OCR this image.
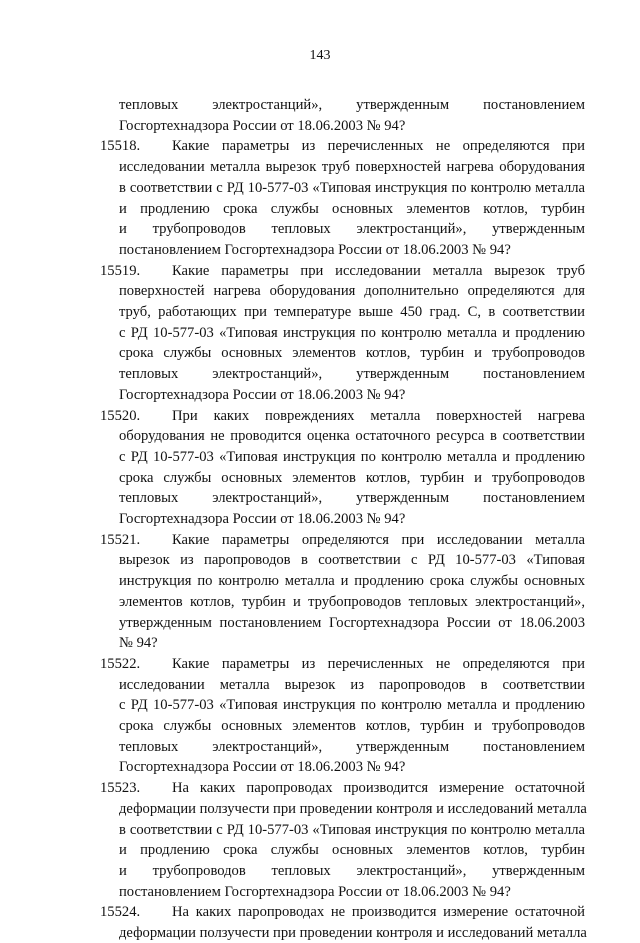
143
тепловых электростанций», утвержденным постановлением
Госгортехнадзора России от 18.06.2003 № 94?
15518. Какие параметры из перечисленных не определяются при
исследовании металла вырезок труб поверхностей нагрева оборудования
в соответствии с РД 10-577-03 «Типовая инструкция по контролю металла
и продлению срока службы основных элементов котлов, турбин
и трубопроводов тепловых электростанций», утвержденным
постановлением Госгортехнадзора России от 18.06.2003 № 94?
15519. Какие параметры при исследовании металла вырезок труб
поверхностей нагрева оборудования дополнительно определяются для
труб, работающих при температуре выше 450 град. С, в соответствии
с РД 10-577-03 «Типовая инструкция по контролю металла и продлению
срока службы основных элементов котлов, турбин и трубопроводов
тепловых электростанций», утвержденным постановлением
Госгортехнадзора России от 18.06.2003 № 94?
15520. При каких повреждениях металла поверхностей нагрева
оборудования не проводится оценка остаточного ресурса в соответствии
с РД 10-577-03 «Типовая инструкция по контролю металла и продлению
срока службы основных элементов котлов, турбин и трубопроводов
тепловых электростанций», утвержденным постановлением
Госгортехнадзора России от 18.06.2003 № 94?
15521. Какие параметры определяются при исследовании металла
вырезок из паропроводов в соответствии с РД 10-577-03 «Типовая
инструкция по контролю металла и продлению срока службы основных
элементов котлов, турбин и трубопроводов тепловых электростанций»,
утвержденным постановлением Госгортехнадзора России от 18.06.2003
№ 94?
15522. Какие параметры из перечисленных не определяются при
исследовании металла вырезок из паропроводов в соответствии
с РД 10-577-03 «Типовая инструкция по контролю металла и продлению
срока службы основных элементов котлов, турбин и трубопроводов
тепловых электростанций», утвержденным постановлением
Госгортехнадзора России от 18.06.2003 № 94?
15523. На каких паропроводах производится измерение остаточной
деформации ползучести при проведении контроля и исследований металла
в соответствии с РД 10-577-03 «Типовая инструкция по контролю металла
и продлению срока службы основных элементов котлов, турбин
и трубопроводов тепловых электростанций», утвержденным
постановлением Госгортехнадзора России от 18.06.2003 № 94?
15524. На каких паропроводах не производится измерение остаточной
деформации ползучести при проведении контроля и исследований металла
